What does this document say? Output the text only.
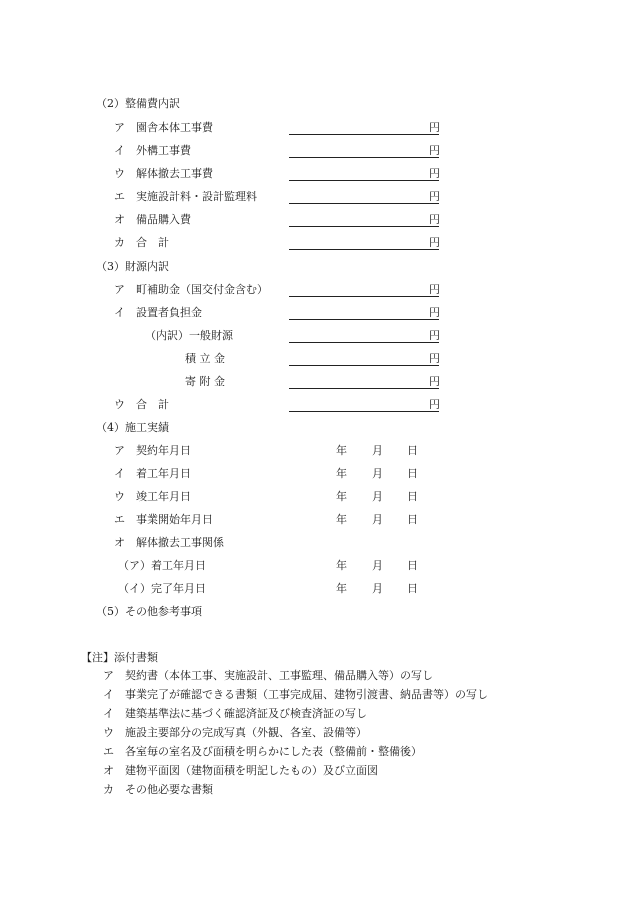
（2）整備費内訳
ア　園舎本体工事費	円
イ　外構工事費	円
ウ　解体撤去工事費	円
エ　実施設計料・設計監理料	円
オ　備品購入費	円
カ　合　計	円
（3）財源内訳
ア　町補助金（国交付金含む）	円
イ　設置者負担金	円
（内訳）一般財源	円
積 立 金	円
寄 附 金	円
ウ　合　計	円
（4）施工実績
ア　契約年月日	年 月 日
イ　着工年月日	年 月 日
ウ　竣工年月日	年 月 日
エ　事業開始年月日	年 月 日
オ　解体撤去工事関係
（ア）着工年月日	年 月 日
（イ）完了年月日	年 月 日
（5）その他参考事項
【注】添付書類
ア　契約書（本体工事、実施設計、工事監理、備品購入等）の写し
イ　事業完了が確認できる書類（工事完成届、建物引渡書、納品書等）の写し
イ　建築基準法に基づく確認済証及び検査済証の写し
ウ　施設主要部分の完成写真（外観、各室、設備等）
エ　各室毎の室名及び面積を明らかにした表（整備前・整備後）
オ　建物平面図（建物面積を明記したもの）及び立面図
カ　その他必要な書類
